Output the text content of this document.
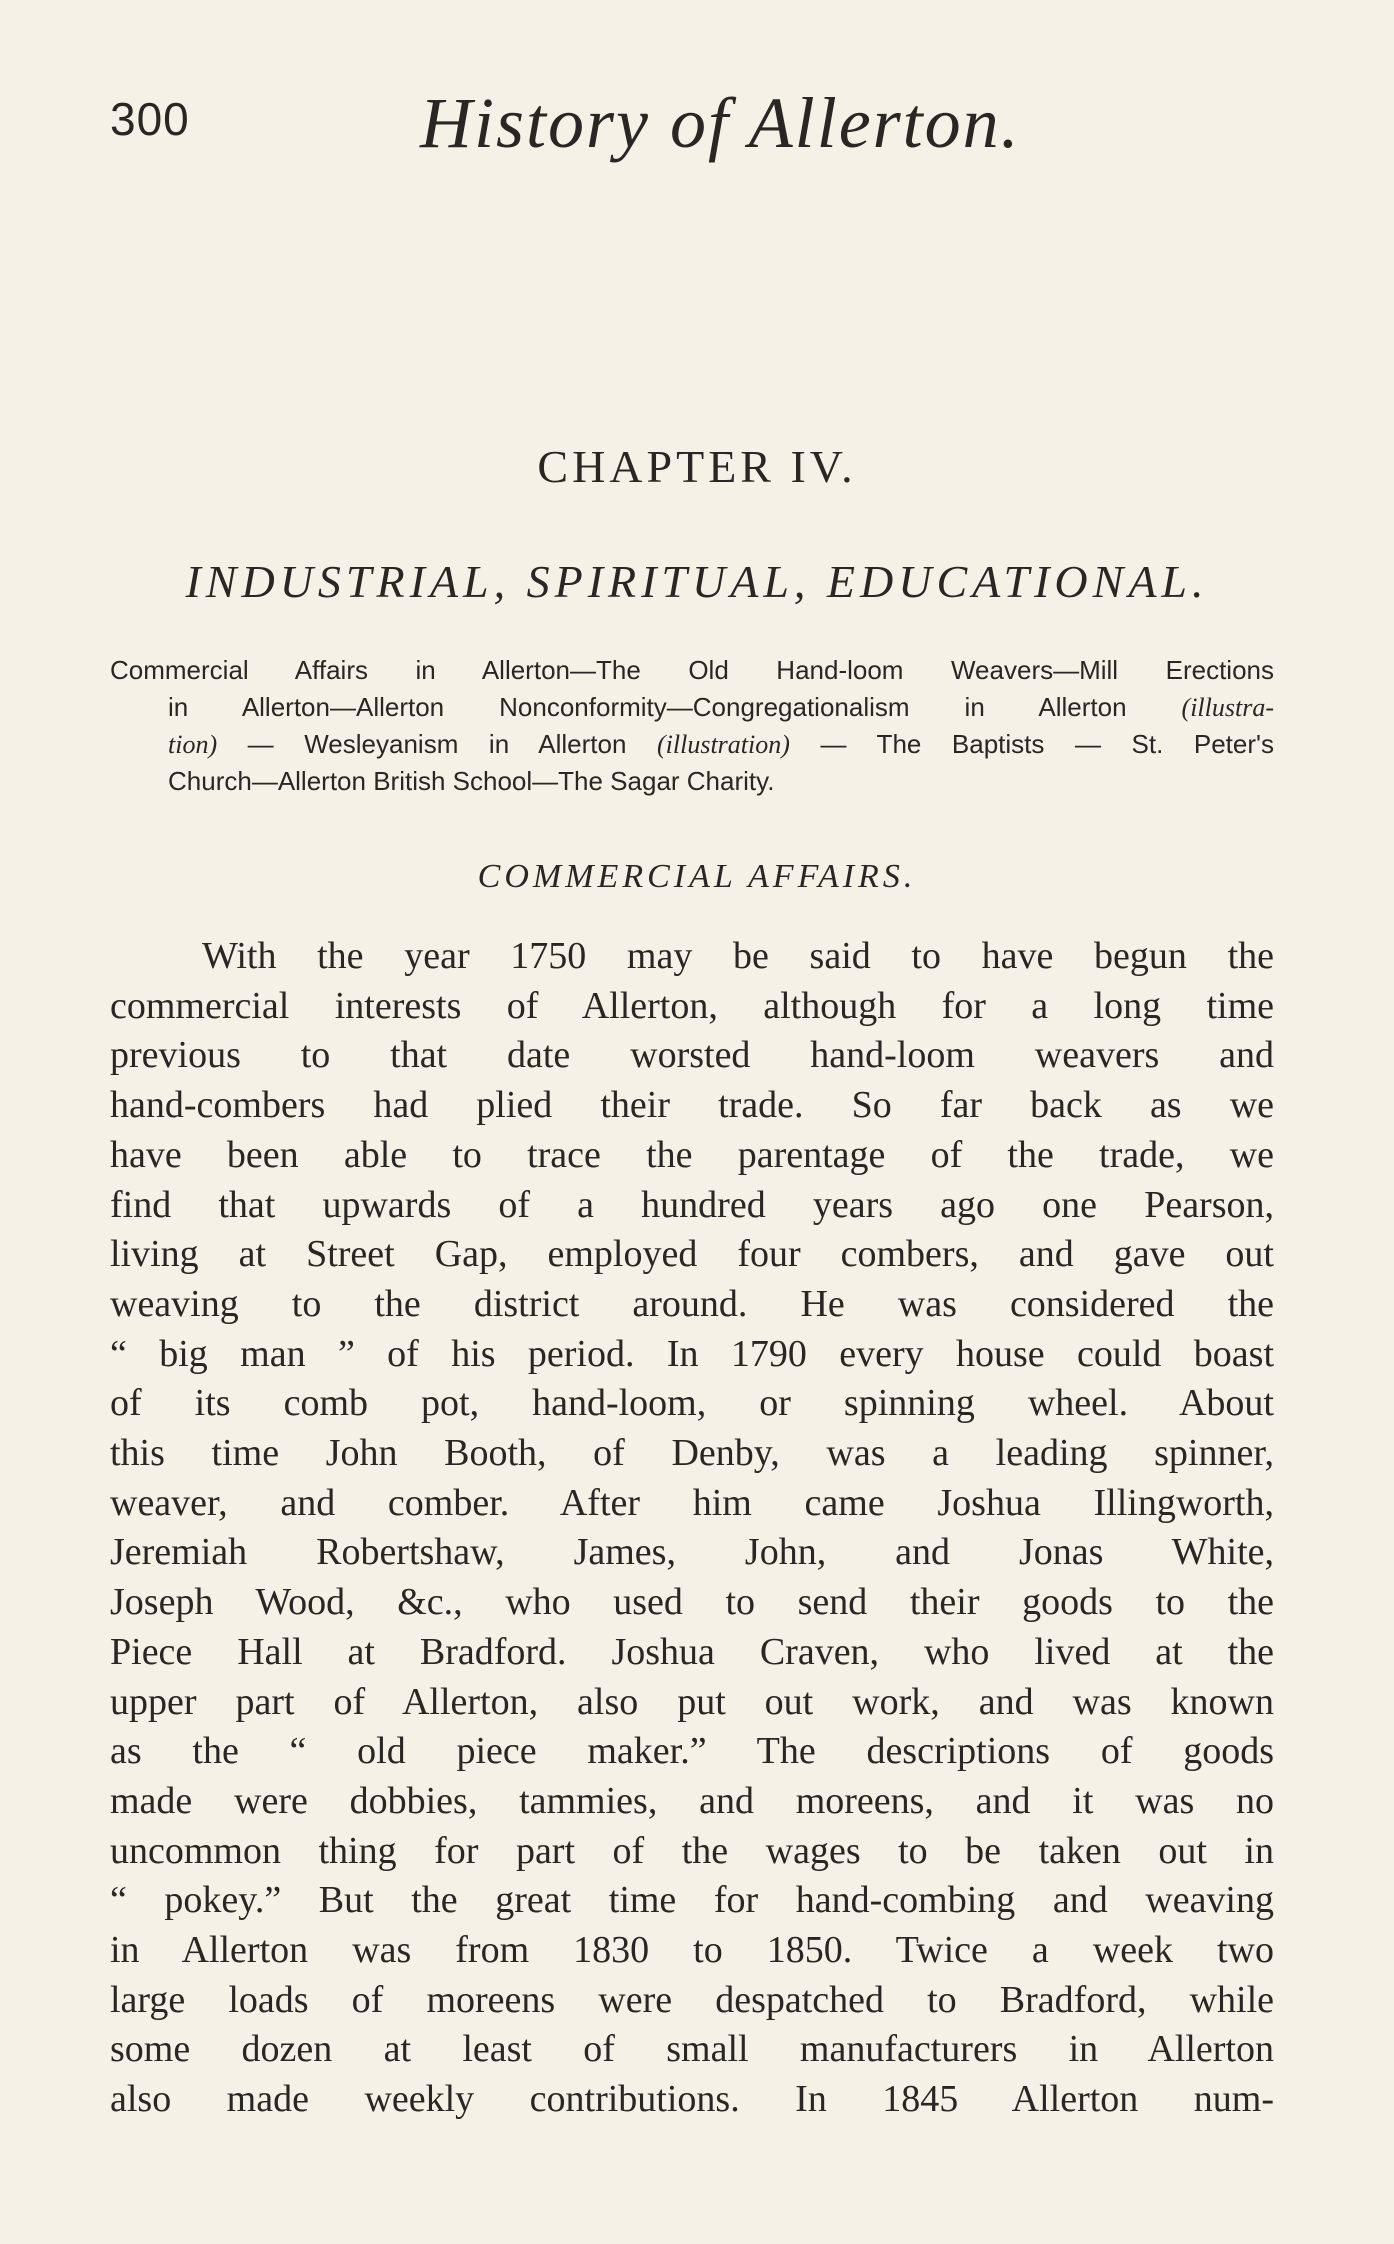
300	History of Allerton.
CHAPTER IV.
INDUSTRIAL, SPIRITUAL, EDUCATIONAL.
Commercial Affairs in Allerton—The Old Hand-loom Weavers—Mill Erections
in Allerton—Allerton Nonconformity—Congregationalism in Allerton (illustra-
tion) — Wesleyanism in Allerton (illustration) — The Baptists — St. Peter's
Church—Allerton British School—The Sagar Charity.
COMMERCIAL AFFAIRS.
With the year 1750 may be said to have begun the
commercial interests of Allerton, although for a long time
previous to that date worsted hand-loom weavers and
hand-combers had plied their trade. So far back as we
have been able to trace the parentage of the trade, we
find that upwards of a hundred years ago one Pearson,
living at Street Gap, employed four combers, and gave out
weaving to the district around. He was considered the
“ big man ” of his period. In 1790 every house could boast
of its comb pot, hand-loom, or spinning wheel. About
this time John Booth, of Denby, was a leading spinner,
weaver, and comber. After him came Joshua Illingworth,
Jeremiah Robertshaw, James, John, and Jonas White,
Joseph Wood, &c., who used to send their goods to the
Piece Hall at Bradford. Joshua Craven, who lived at the
upper part of Allerton, also put out work, and was known
as the “ old piece maker.” The descriptions of goods
made were dobbies, tammies, and moreens, and it was no
uncommon thing for part of the wages to be taken out in
“ pokey.” But the great time for hand-combing and weaving
in Allerton was from 1830 to 1850. Twice a week two
large loads of moreens were despatched to Bradford, while
some dozen at least of small manufacturers in Allerton
also made weekly contributions. In 1845 Allerton num-
